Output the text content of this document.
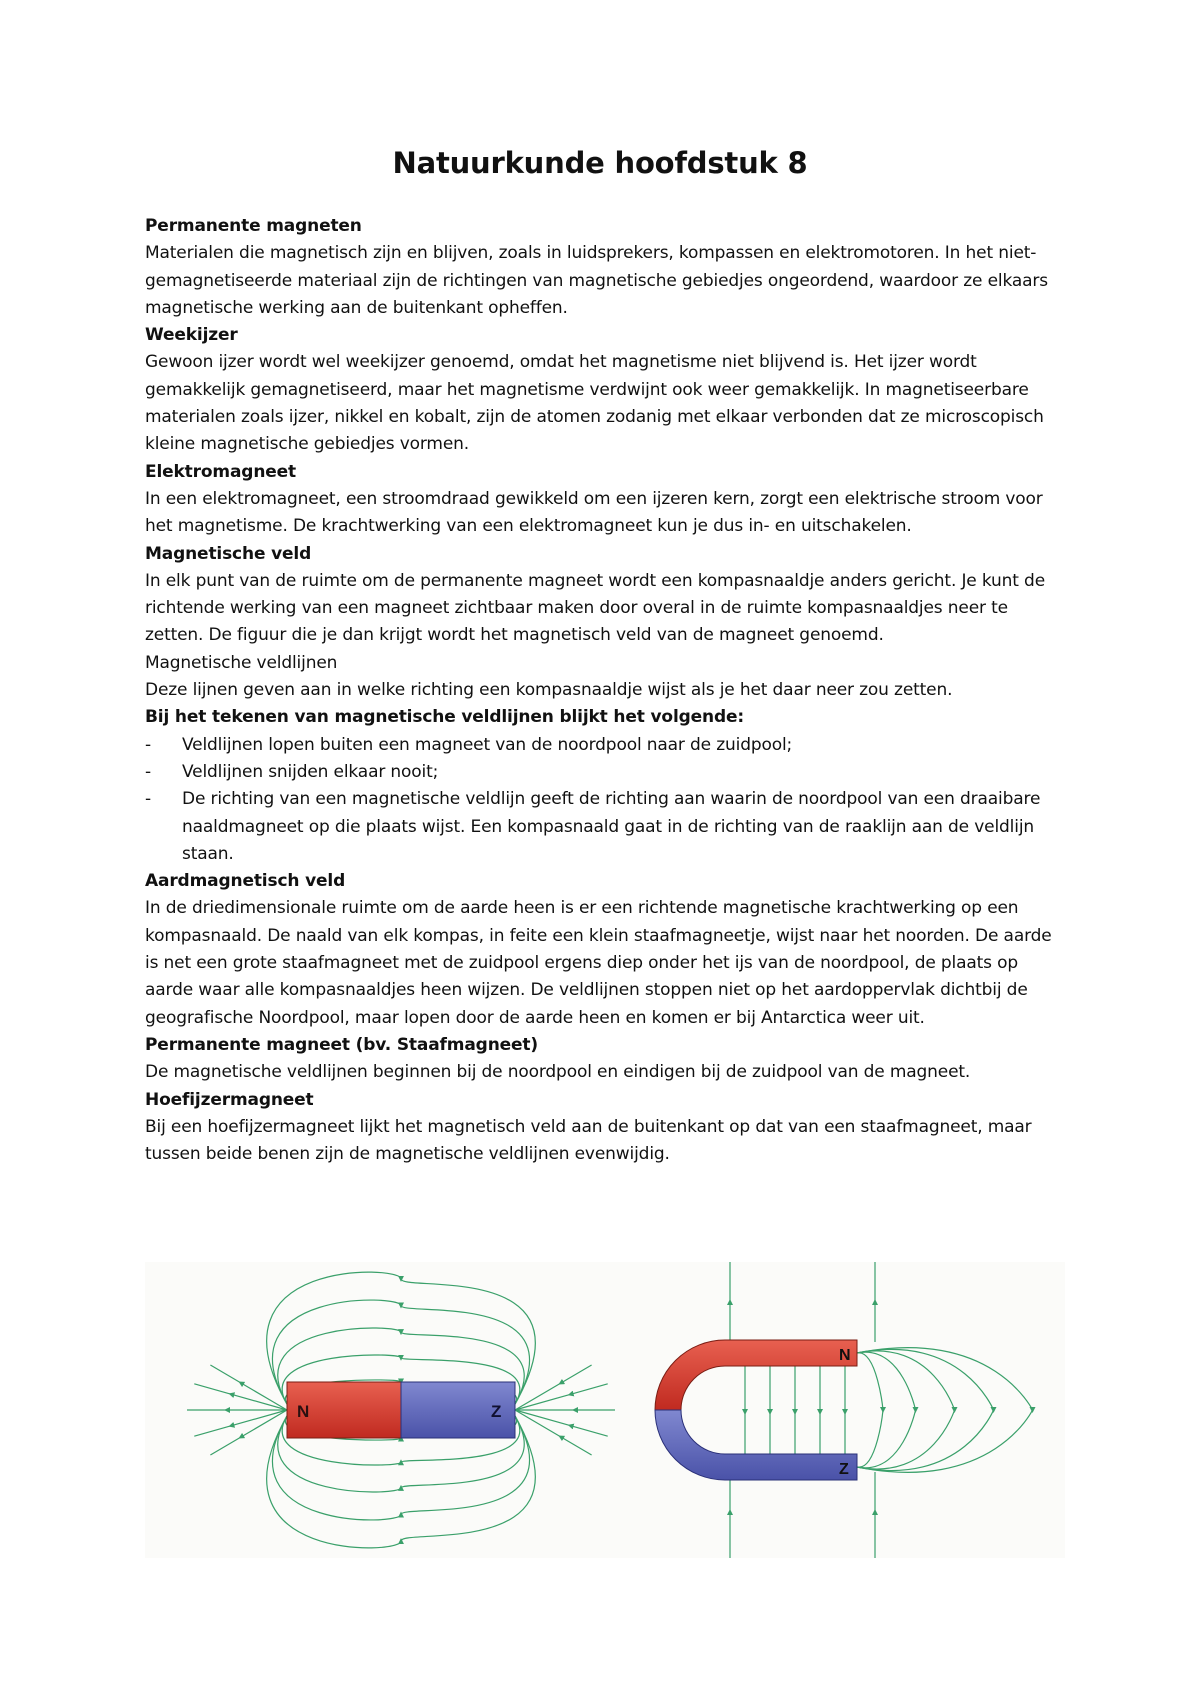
Natuurkunde hoofdstuk 8

Permanente magneten

Materialen die magnetisch zijn en blijven, zoals in luidsprekers, kompassen en elektromotoren. In het niet-gemagnetiseerde materiaal zijn de richtingen van magnetische gebiedjes ongeordend, waardoor ze elkaars magnetische werking aan de buitenkant opheffen.

Weekijzer

Gewoon ijzer wordt wel weekijzer genoemd, omdat het magnetisme niet blijvend is. Het ijzer wordt gemakkelijk gemagnetiseerd, maar het magnetisme verdwijnt ook weer gemakkelijk. In magnetiseerbare materialen zoals ijzer, nikkel en kobalt, zijn de atomen zodanig met elkaar verbonden dat ze microscopisch kleine magnetische gebiedjes vormen.

Elektromagneet

In een elektromagneet, een stroomdraad gewikkeld om een ijzeren kern, zorgt een elektrische stroom voor het magnetisme. De krachtwerking van een elektromagneet kun je dus in- en uitschakelen.

Magnetische veld

In elk punt van de ruimte om de permanente magneet wordt een kompasnaaldje anders gericht. Je kunt de richtende werking van een magneet zichtbaar maken door overal in de ruimte kompasnaaldjes neer te zetten. De figuur die je dan krijgt wordt het magnetisch veld van de magneet genoemd.

Magnetische veldlijnen

Deze lijnen geven aan in welke richting een kompasnaaldje wijst als je het daar neer zou zetten.

Bij het tekenen van magnetische veldlijnen blijkt het volgende:

- Veldlijnen lopen buiten een magneet van de noordpool naar de zuidpool;
- Veldlijnen snijden elkaar nooit;
- De richting van een magnetische veldlijn geeft de richting aan waarin de noordpool van een draaibare naaldmagneet op die plaats wijst. Een kompasnaald gaat in de richting van de raaklijn aan de veldlijn staan.

Aardmagnetisch veld

In de driedimensionale ruimte om de aarde heen is er een richtende magnetische krachtwerking op een kompasnaald. De naald van elk kompas, in feite een klein staafmagneetje, wijst naar het noorden. De aarde is net een grote staafmagneet met de zuidpool ergens diep onder het ijs van de noordpool, de plaats op aarde waar alle kompasnaaldjes heen wijzen. De veldlijnen stoppen niet op het aardoppervlak dichtbij de geografische Noordpool, maar lopen door de aarde heen en komen er bij Antarctica weer uit.

Permanente magneet (bv. Staafmagneet)

De magnetische veldlijnen beginnen bij de noordpool en eindigen bij de zuidpool van de magneet.

Hoefijzermagneet

Bij een hoefijzermagneet lijkt het magnetisch veld aan de buitenkant op dat van een staafmagneet, maar tussen beide benen zijn de magnetische veldlijnen evenwijdig.

N	Z
N
Z
